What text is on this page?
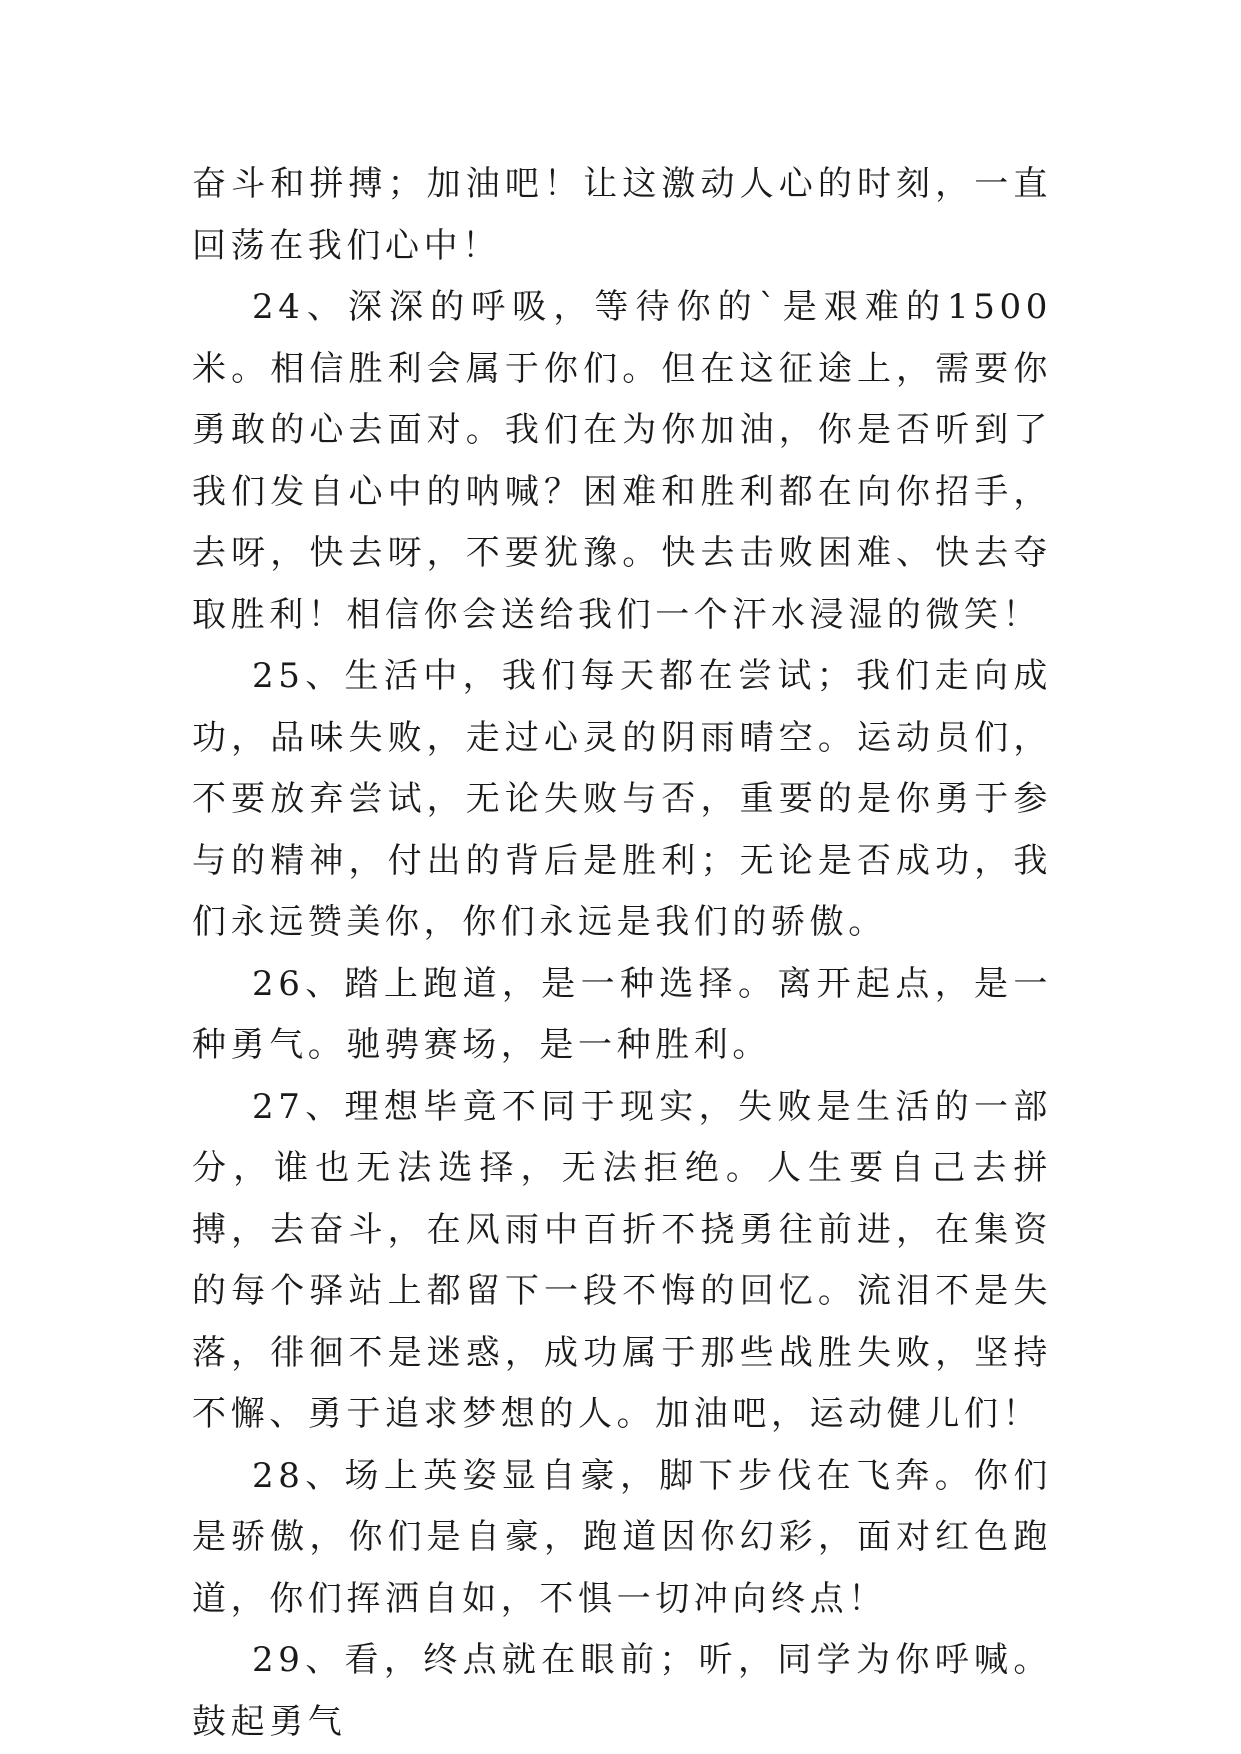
奋斗和拼搏；加油吧！让这激动人心的时刻，一直回荡在我们心中！

24、深深的呼吸，等待你的`是艰难的1500米。相信胜利会属于你们。但在这征途上，需要你勇敢的心去面对。我们在为你加油，你是否听到了我们发自心中的呐喊？困难和胜利都在向你招手，去呀，快去呀，不要犹豫。快去击败困难、快去夺取胜利！相信你会送给我们一个汗水浸湿的微笑！

25、生活中，我们每天都在尝试；我们走向成功，品味失败，走过心灵的阴雨晴空。运动员们，不要放弃尝试，无论失败与否，重要的是你勇于参与的精神，付出的背后是胜利；无论是否成功，我们永远赞美你，你们永远是我们的骄傲。

26、踏上跑道，是一种选择。离开起点，是一种勇气。驰骋赛场，是一种胜利。

27、理想毕竟不同于现实，失败是生活的一部分，谁也无法选择，无法拒绝。人生要自己去拼搏，去奋斗，在风雨中百折不挠勇往前进，在集资的每个驿站上都留下一段不悔的回忆。流泪不是失落，徘徊不是迷惑，成功属于那些战胜失败，坚持不懈、勇于追求梦想的人。加油吧，运动健儿们！

28、场上英姿显自豪，脚下步伐在飞奔。你们是骄傲，你们是自豪，跑道因你幻彩，面对红色跑道，你们挥洒自如，不惧一切冲向终点！

29、看，终点就在眼前；听，同学为你呼喊。鼓起勇气
